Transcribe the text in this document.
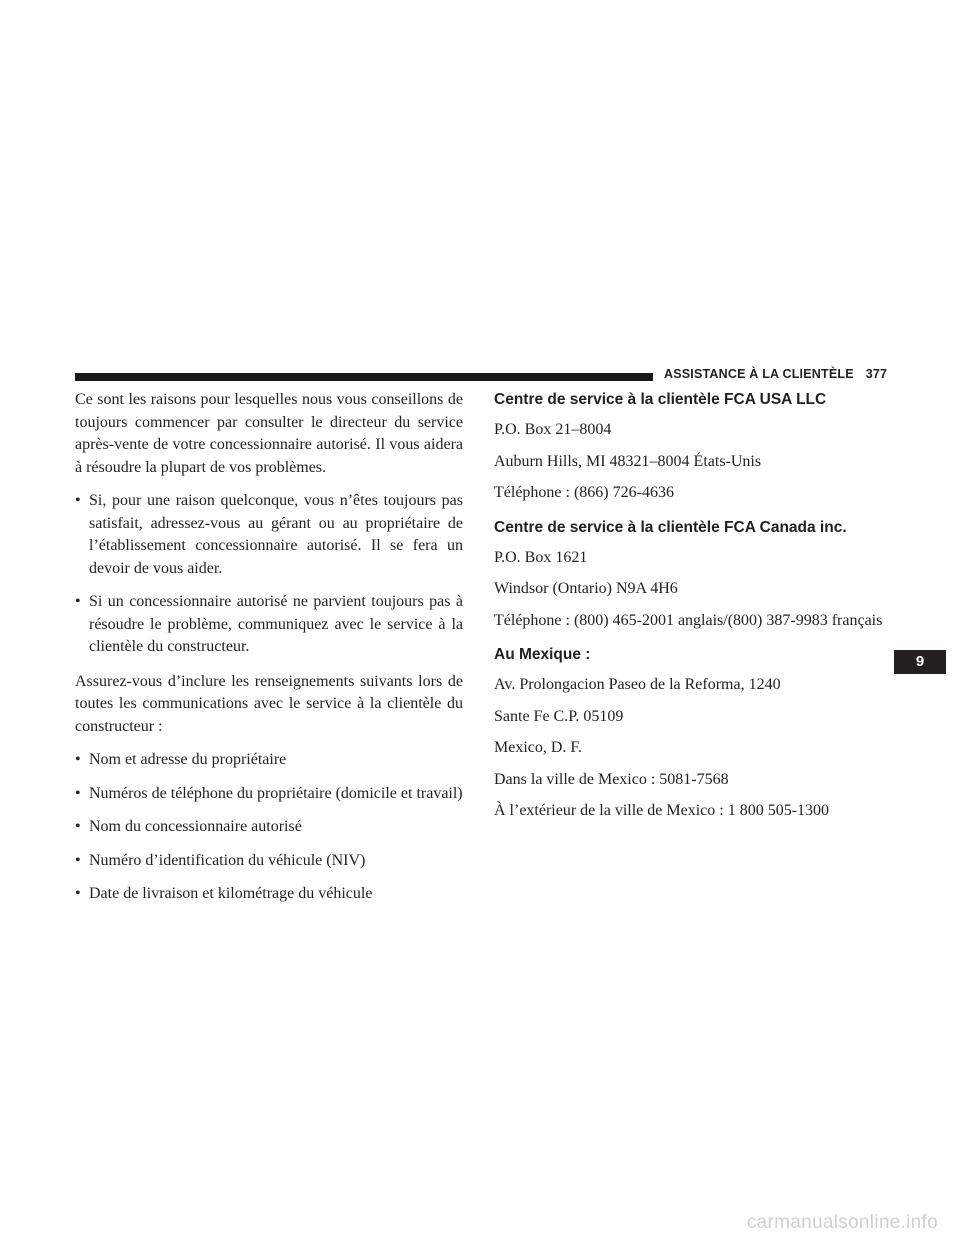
ASSISTANCE À LA CLIENTÈLE 377

Ce sont les raisons pour lesquelles nous vous conseillons de toujours commencer par consulter le directeur du service après-vente de votre concessionnaire autorisé. Il vous aidera à résoudre la plupart de vos problèmes.

• Si, pour une raison quelconque, vous n’êtes toujours pas satisfait, adressez-vous au gérant ou au propriétaire de l’établissement concessionnaire autorisé. Il se fera un devoir de vous aider.
• Si un concessionnaire autorisé ne parvient toujours pas à résoudre le problème, communiquez avec le service à la clientèle du constructeur.

Assurez-vous d’inclure les renseignements suivants lors de toutes les communications avec le service à la clientèle du constructeur :

• Nom et adresse du propriétaire
• Numéros de téléphone du propriétaire (domicile et travail)
• Nom du concessionnaire autorisé
• Numéro d’identification du véhicule (NIV)
• Date de livraison et kilométrage du véhicule
Centre de service à la clientèle FCA USA LLC

P.O. Box 21–8004

Auburn Hills, MI 48321–8004 États-Unis

Téléphone : (866) 726-4636

Centre de service à la clientèle FCA Canada inc.

P.O. Box 1621

Windsor (Ontario) N9A 4H6

Téléphone : (800) 465-2001 anglais/(800) 387-9983 français

Au Mexique :

Av. Prolongacion Paseo de la Reforma, 1240

Sante Fe C.P. 05109

Mexico, D. F.

Dans la ville de Mexico : 5081-7568

À l’extérieur de la ville de Mexico : 1 800 505-1300

9
carmanualsonline.info
